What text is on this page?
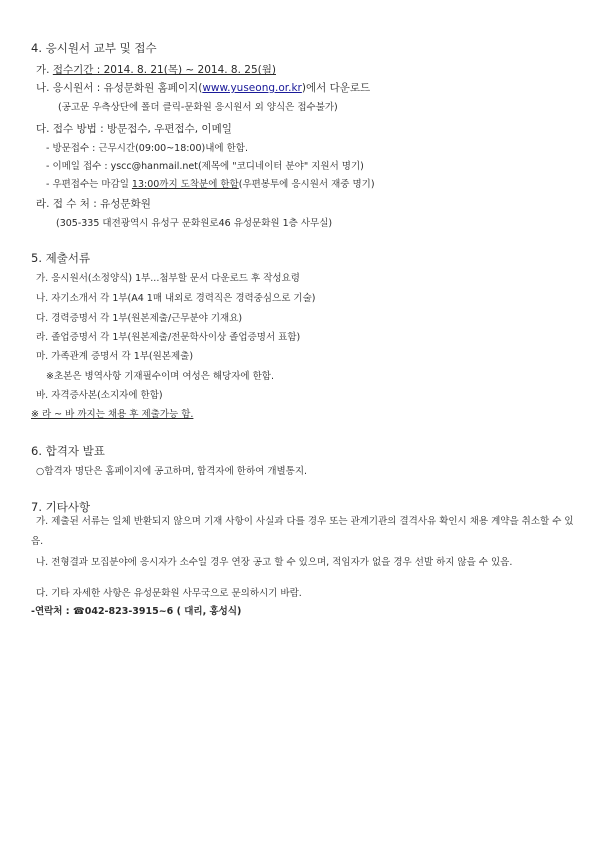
4. 응시원서 교부 및 접수
가. 접수기간 : 2014. 8. 21(목) ~ 2014. 8. 25(월)
나. 응시원서 : 유성문화원 홈페이지(www.yuseong.or.kr)에서 다운로드
(공고문 우측상단에 폴더 클릭-문화원 응시원서 외 양식은 접수불가)
다. 접수 방법 : 방문접수, 우편접수, 이메일
- 방문접수 : 근무시간(09:00~18:00)내에 한함.
- 이메일 접수 : yscc@hanmail.net(제목에 "코디네이터 분야" 지원서 명기)
- 우편접수는 마감일 13:00까지 도착분에 한함(우편봉투에 응시원서 재중 명기)
라. 접 수 처 : 유성문화원
(305-335 대전광역시 유성구 문화원로46 유성문화원 1층 사무실)
5. 제출서류
가. 응시원서(소정양식) 1부...첨부할 문서 다운로드 후 작성요령
나. 자기소개서 각 1부(A4 1매 내외로 경력직은 경력중심으로 기술)
다. 경력증명서 각 1부(원본제출/근무분야 기재요)
라. 졸업증명서 각 1부(원본제출/전문학사이상 졸업증명서 표함)
마. 가족관계 증명서 각 1부(원본제출)
※초본은 병역사항 기재필수이며 여성은 해당자에 한함.
바. 자격증사본(소지자에 한함)
※ 라 ~ 바 까지는 채용 후 제출가능 함.
6. 합격자 발표
○합격자 명단은 홈페이지에 공고하며, 합격자에 한하여 개별통지.
7. 기타사항
가. 제출된 서류는 일체 반환되지 않으며 기재 사항이 사실과 다를 경우 또는 관계기관의 결격사유 확인시 채용 계약을 취소할 수 있음.
나. 전형결과 모집분야에 응시자가 소수일 경우 연장 공고 할 수 있으며, 적임자가 없을 경우 선발 하지 않을 수 있음.
다. 기타 자세한 사항은 유성문화원 사무국으로 문의하시기 바람.
-연락처 : ☎042-823-3915~6 ( 대리, 홍성식)
